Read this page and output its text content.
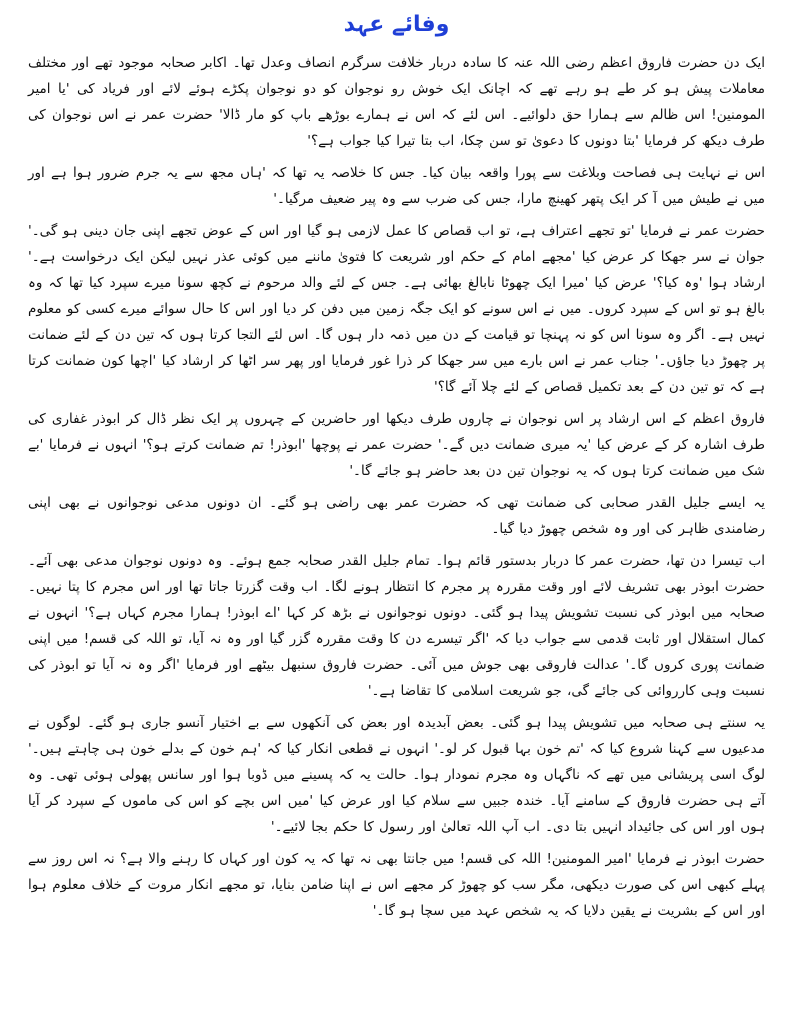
وفائے عہد

ایک دن حضرت فاروق اعظم رضی اللہ عنہ کا سادہ دربار خلافت سرگرم انصاف وعدل تھا۔ اکابر صحابہ موجود تھے اور مختلف معاملات پیش ہو کر طے ہو رہے تھے کہ اچانک ایک خوش رو نوجوان کو دو نوجوان پکڑے ہوئے لائے اور فریاد کی 'یا امیر المومنین! اس ظالم سے ہمارا حق دلوائیے۔ اس لئے کہ اس نے ہمارے بوڑھے باپ کو مار ڈالا' حضرت عمر نے اس نوجوان کی طرف دیکھ کر فرمایا 'بتا دونوں کا دعویٰ تو سن چکا، اب بتا تیرا کیا جواب ہے؟'

اس نے نہایت ہی فصاحت وبلاغت سے پورا واقعہ بیان کیا۔ جس کا خلاصہ یہ تھا کہ 'ہاں مجھ سے یہ جرم ضرور ہوا ہے اور میں نے طیش میں آ کر ایک پتھر کھینچ مارا، جس کی ضرب سے وہ پیر ضعیف مرگیا۔'

حضرت عمر نے فرمایا 'تو تجھے اعتراف ہے، تو اب قصاص کا عمل لازمی ہو گیا اور اس کے عوض تجھے اپنی جان دینی ہو گی۔' جوان نے سر جھکا کر عرض کیا 'مجھے امام کے حکم اور شریعت کا فتویٰ ماننے میں کوئی عذر نہیں لیکن ایک درخواست ہے۔' ارشاد ہوا 'وہ کیا؟' عرض کیا 'میرا ایک چھوٹا نابالغ بھائی ہے۔ جس کے لئے والد مرحوم نے کچھ سونا میرے سپرد کیا تھا کہ وہ بالغ ہو تو اس کے سپرد کروں۔ میں نے اس سونے کو ایک جگہ زمین میں دفن کر دیا اور اس کا حال سوائے میرے کسی کو معلوم نہیں ہے۔ اگر وہ سونا اس کو نہ پہنچا تو قیامت کے دن میں ذمہ دار ہوں گا۔ اس لئے التجا کرتا ہوں کہ تین دن کے لئے ضمانت پر چھوڑ دیا جاؤں۔' جناب عمر نے اس بارے میں سر جھکا کر ذرا غور فرمایا اور پھر سر اٹھا کر ارشاد کیا 'اچھا کون ضمانت کرتا ہے کہ تو تین دن کے بعد تکمیل قصاص کے لئے چلا آئے گا؟'

فاروق اعظم کے اس ارشاد پر اس نوجوان نے چاروں طرف دیکھا اور حاضرین کے چہروں پر ایک نظر ڈال کر ابوذر غفاری کی طرف اشارہ کر کے عرض کیا 'یہ میری ضمانت دیں گے۔' حضرت عمر نے پوچھا 'ابوذر! تم ضمانت کرتے ہو؟' انہوں نے فرمایا 'بے شک میں ضمانت کرتا ہوں کہ یہ نوجوان تین دن بعد حاضر ہو جائے گا۔'

یہ ایسے جلیل القدر صحابی کی ضمانت تھی کہ حضرت عمر بھی راضی ہو گئے۔ ان دونوں مدعی نوجوانوں نے بھی اپنی رضامندی ظاہر کی اور وہ شخص چھوڑ دیا گیا۔

اب تیسرا دن تھا، حضرت عمر کا دربار بدستور قائم ہوا۔ تمام جلیل القدر صحابہ جمع ہوئے۔ وہ دونوں نوجوان مدعی بھی آئے۔ حضرت ابوذر بھی تشریف لائے اور وقت مقررہ پر مجرم کا انتظار ہونے لگا۔ اب وقت گزرتا جاتا تھا اور اس مجرم کا پتا نہیں۔ صحابہ میں ابوذر کی نسبت تشویش پیدا ہو گئی۔ دونوں نوجوانوں نے بڑھ کر کہا 'اے ابوذر! ہمارا مجرم کہاں ہے؟' انہوں نے کمال استقلال اور ثابت قدمی سے جواب دیا کہ 'اگر تیسرے دن کا وقت مقررہ گزر گیا اور وہ نہ آیا، تو اللہ کی قسم! میں اپنی ضمانت پوری کروں گا۔' عدالت فاروقی بھی جوش میں آئی۔ حضرت فاروق سنبھل بیٹھے اور فرمایا 'اگر وہ نہ آیا تو ابوذر کی نسبت وہی کارروائی کی جائے گی، جو شریعت اسلامی کا تقاضا ہے۔'

یہ سنتے ہی صحابہ میں تشویش پیدا ہو گئی۔ بعض آبدیدہ اور بعض کی آنکھوں سے بے اختیار آنسو جاری ہو گئے۔ لوگوں نے مدعیوں سے کہنا شروع کیا کہ 'تم خون بہا قبول کر لو۔' انہوں نے قطعی انکار کیا کہ 'ہم خون کے بدلے خون ہی چاہتے ہیں۔' لوگ اسی پریشانی میں تھے کہ ناگہاں وہ مجرم نمودار ہوا۔ حالت یہ کہ پسینے میں ڈوبا ہوا اور سانس پھولی ہوئی تھی۔ وہ آتے ہی حضرت فاروق کے سامنے آیا۔ خندہ جبیں سے سلام کیا اور عرض کیا 'میں اس بچے کو اس کی ماموں کے سپرد کر آیا ہوں اور اس کی جائیداد انہیں بتا دی۔ اب آپ اللہ تعالیٰ اور رسول کا حکم بجا لائیے۔'

حضرت ابوذر نے فرمایا 'امیر المومنین! اللہ کی قسم! میں جانتا بھی نہ تھا کہ یہ کون اور کہاں کا رہنے والا ہے؟ نہ اس روز سے پہلے کبھی اس کی صورت دیکھی، مگر سب کو چھوڑ کر مجھے اس نے اپنا ضامن بنایا، تو مجھے انکار مروت کے خلاف معلوم ہوا اور اس کے بشریت نے یقین دلایا کہ یہ شخص عہد میں سچا ہو گا۔'
